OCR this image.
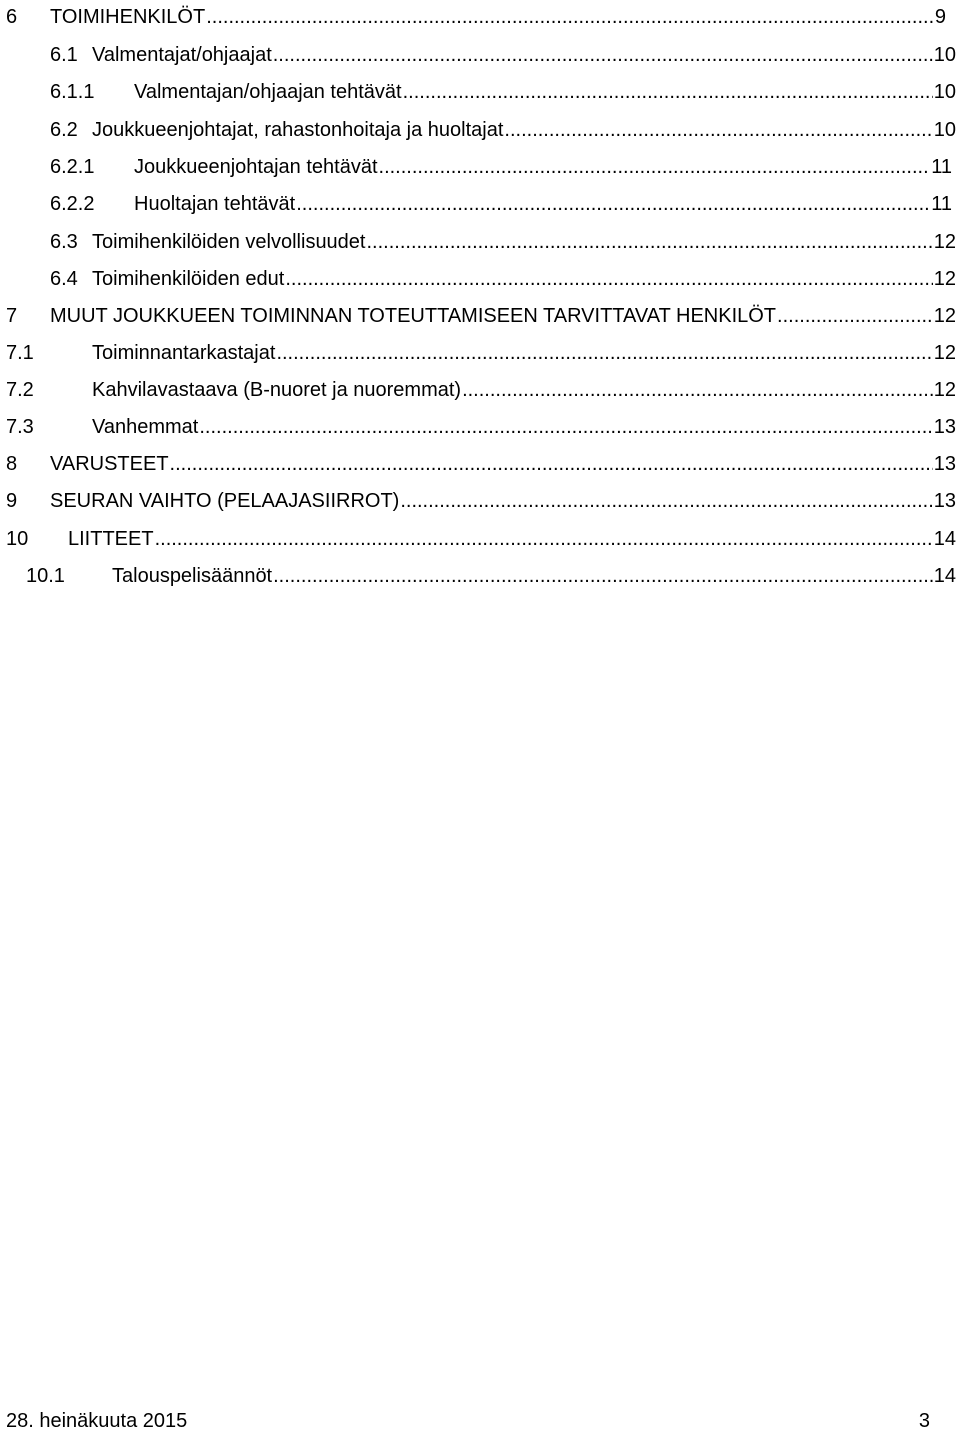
6 TOIMIHENKILÖT .....	9
6.1 Valmentajat/ohjaajat .....	10
6.1.1 Valmentajan/ohjaajan tehtävät .....	10
6.2 Joukkueenjohtajat, rahastonhoitaja ja huoltajat .....	10
6.2.1 Joukkueenjohtajan tehtävät .....	11
6.2.2 Huoltajan tehtävät .....	11
6.3 Toimihenkilöiden velvollisuudet .....	12
6.4 Toimihenkilöiden edut .....	12
7 MUUT JOUKKUEEN TOIMINNAN TOTEUTTAMISEEN TARVITTAVAT HENKILÖT .....	12
7.1	Toiminnantarkastajat .....	12
7.2	Kahvilavastaava (B-nuoret ja nuoremmat) .....	12
7.3	Vanhemmat .....	13
8 VARUSTEET .....	13
9 SEURAN VAIHTO (PELAAJASIIRROT) .....	13
10 LIITTEET .....	14
10.1 Talouspelisäännöt .....	14
28. heinäkuuta 2015	3
